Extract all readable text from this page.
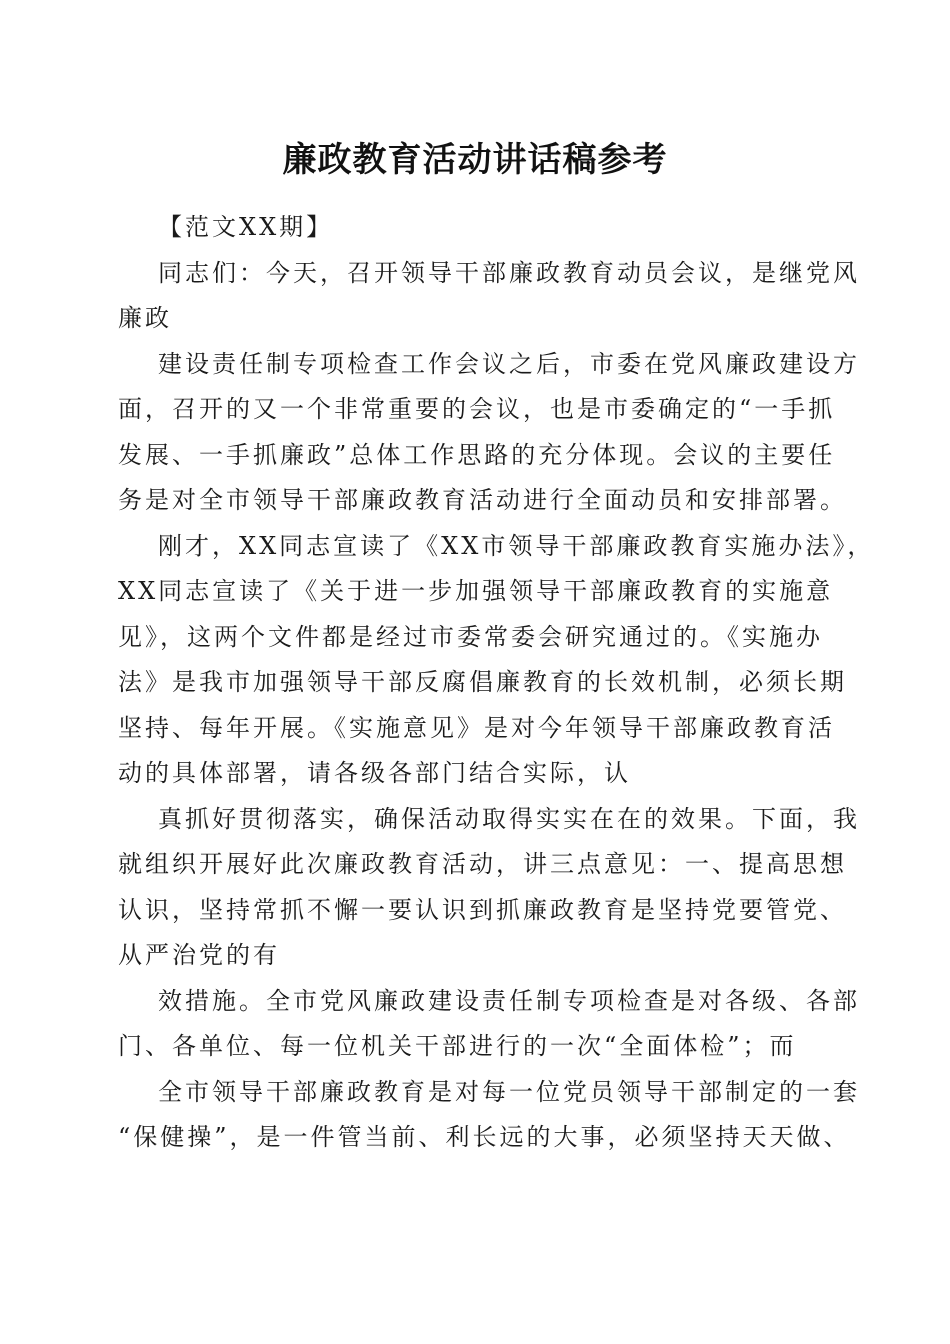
廉政教育活动讲话稿参考
【范文XX期】
同志们：今天，召开领导干部廉政教育动员会议，是继党风
廉政
建设责任制专项检查工作会议之后，市委在党风廉政建设方
面，召开的又一个非常重要的会议，也是市委确定的“一手抓
发展、一手抓廉政”总体工作思路的充分体现。会议的主要任
务是对全市领导干部廉政教育活动进行全面动员和安排部署。
刚才，XX同志宣读了《XX市领导干部廉政教育实施办法》，
XX同志宣读了《关于进一步加强领导干部廉政教育的实施意
见》，这两个文件都是经过市委常委会研究通过的。《实施办
法》是我市加强领导干部反腐倡廉教育的长效机制，必须长期
坚持、每年开展。《实施意见》是对今年领导干部廉政教育活
动的具体部署，请各级各部门结合实际，认
真抓好贯彻落实，确保活动取得实实在在的效果。下面，我
就组织开展好此次廉政教育活动，讲三点意见：一、提高思想
认识，坚持常抓不懈一要认识到抓廉政教育是坚持党要管党、
从严治党的有
效措施。全市党风廉政建设责任制专项检查是对各级、各部
门、各单位、每一位机关干部进行的一次“全面体检”；而
全市领导干部廉政教育是对每一位党员领导干部制定的一套
“保健操”，是一件管当前、利长远的大事，必须坚持天天做、
